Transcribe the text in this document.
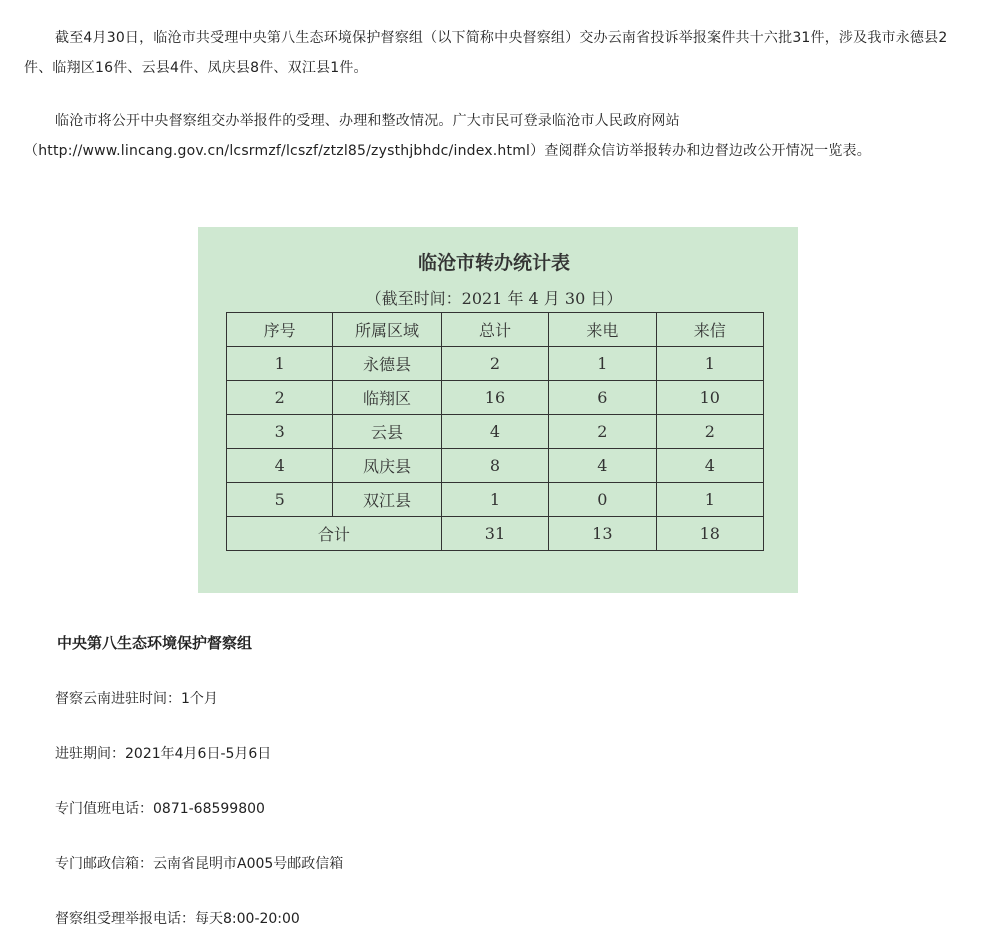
截至4月30日，临沧市共受理中央第八生态环境保护督察组（以下简称中央督察组）交办云南省投诉举报案件共十六批31件，涉及我市永德县2件、临翔区16件、云县4件、凤庆县8件、双江县1件。

临沧市将公开中央督察组交办举报件的受理、办理和整改情况。广大市民可登录临沧市人民政府网站（http://www.lincang.gov.cn/lcsrmzf/lcszf/ztzl85/zysthjbhdc/index.html）查阅群众信访举报转办和边督边改公开情况一览表。

临沧市转办统计表
（截至时间：2021 年 4 月 30 日）
序号	所属区域	总计	来电	来信
1	永德县	2	1	1
2	临翔区	16	6	10
3	云县	4	2	2
4	凤庆县	8	4	4
5	双江县	1	0	1
合计		31	13	18

中央第八生态环境保护督察组

督察云南进驻时间：1个月

进驻期间：2021年4月6日-5月6日

专门值班电话：0871-68599800

专门邮政信箱：云南省昆明市A005号邮政信箱

督察组受理举报电话：每天8:00-20:00
